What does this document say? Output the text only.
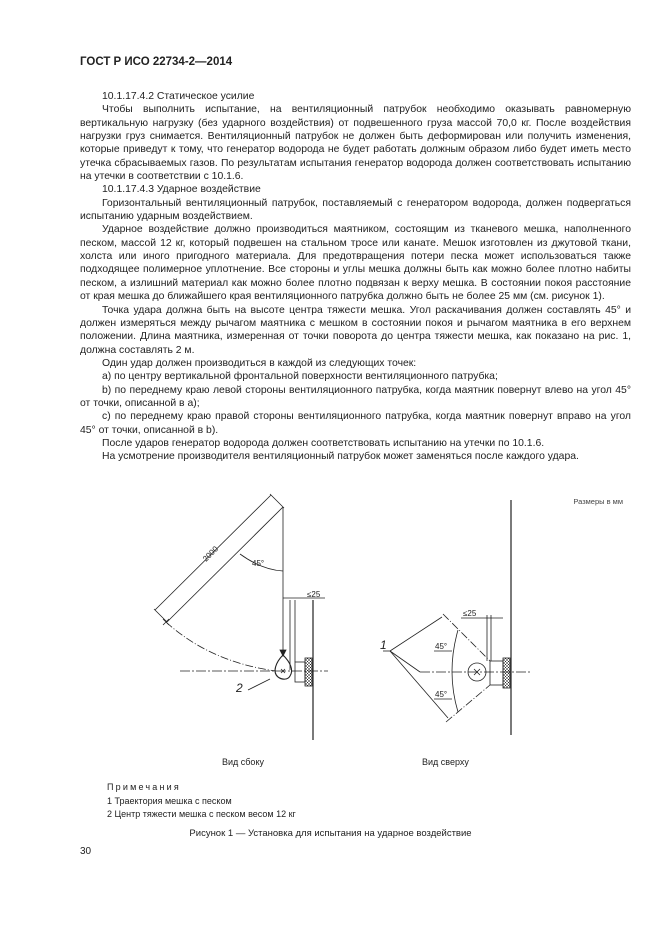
ГОСТ Р ИСО 22734-2—2014

10.1.17.4.2 Статическое усилие

Чтобы выполнить испытание, на вентиляционный патрубок необходимо оказывать равномерную вертикальную нагрузку (без ударного воздействия) от подвешенного груза массой 70,0 кг. После воздействия нагрузки груз снимается. Вентиляционный патрубок не должен быть деформирован или получить изменения, которые приведут к тому, что генератор водорода не будет работать должным образом либо будет иметь место утечка сбрасываемых газов. По результатам испытания генератор водорода должен соответствовать испытанию на утечки в соответствии с 10.1.6.

10.1.17.4.3 Ударное воздействие

Горизонтальный вентиляционный патрубок, поставляемый с генератором водорода, должен подвергаться испытанию ударным воздействием.

Ударное воздействие должно производиться маятником, состоящим из тканевого мешка, наполненного песком, массой 12 кг, который подвешен на стальном тросе или канате. Мешок изготовлен из джутовой ткани, холста или иного пригодного материала. Для предотвращения потери песка может использоваться также подходящее полимерное уплотнение. Все стороны и углы мешка должны быть как можно более плотно набиты песком, а излишний материал как можно более плотно подвязан к верху мешка. В состоянии покоя расстояние от края мешка до ближайшего края вентиляционного патрубка должно быть не более 25 мм (см. рисунок 1).

Точка удара должна быть на высоте центра тяжести мешка. Угол раскачивания должен составлять 45° и должен измеряться между рычагом маятника с мешком в состоянии покоя и рычагом маятника в его верхнем положении. Длина маятника, измеренная от точки поворота до центра тяжести мешка, как показано на рис. 1, должна составлять 2 м.

Один удар должен производиться в каждой из следующих точек:

a) по центру вертикальной фронтальной поверхности вентиляционного патрубка;

b) по переднему краю левой стороны вентиляционного патрубка, когда маятник повернут влево на угол 45° от точки, описанной в а);

c) по переднему краю правой стороны вентиляционного патрубка, когда маятник повернут вправо на угол 45° от точки, описанной в b).

После ударов генератор водорода должен соответствовать испытанию на утечки по 10.1.6.

На усмотрение производителя вентиляционный патрубок может заменяться после каждого удара.

Размеры в мм
2000
45°
≤25
2
1	45°
45°
≤25
Вид сбоку	Вид сверху
Примечания
1 Траектория мешка с песком
2 Центр тяжести мешка с песком весом 12 кг
Рисунок 1 — Установка для испытания на ударное воздействие
30
